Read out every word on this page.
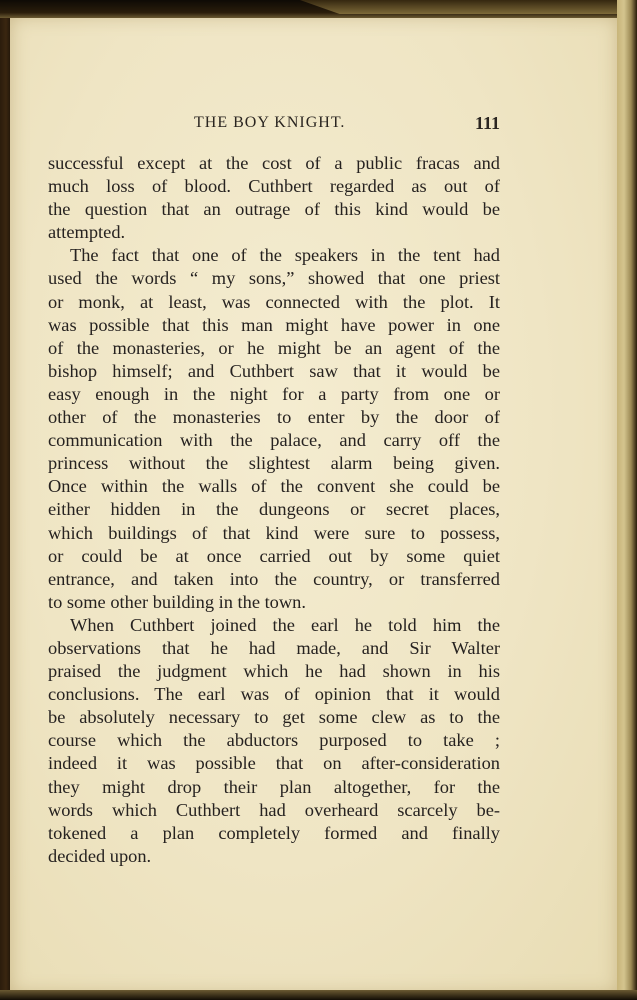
THE BOY KNIGHT.	111
successful except at the cost of a public fracas and
much loss of blood. Cuthbert regarded as out of
the question that an outrage of this kind would be
attempted.
The fact that one of the speakers in the tent had
used the words “ my sons,” showed that one priest
or monk, at least, was connected with the plot. It
was possible that this man might have power in one
of the monasteries, or he might be an agent of the
bishop himself; and Cuthbert saw that it would be
easy enough in the night for a party from one or
other of the monasteries to enter by the door of
communication with the palace, and carry off the
princess without the slightest alarm being given.
Once within the walls of the convent she could be
either hidden in the dungeons or secret places,
which buildings of that kind were sure to possess,
or could be at once carried out by some quiet
entrance, and taken into the country, or transferred
to some other building in the town.
When Cuthbert joined the earl he told him the
observations that he had made, and Sir Walter
praised the judgment which he had shown in his
conclusions. The earl was of opinion that it would
be absolutely necessary to get some clew as to the
course which the abductors purposed to take ;
indeed it was possible that on after-consideration
they might drop their plan altogether, for the
words which Cuthbert had overheard scarcely be-
tokened a plan completely formed and finally
decided upon.
